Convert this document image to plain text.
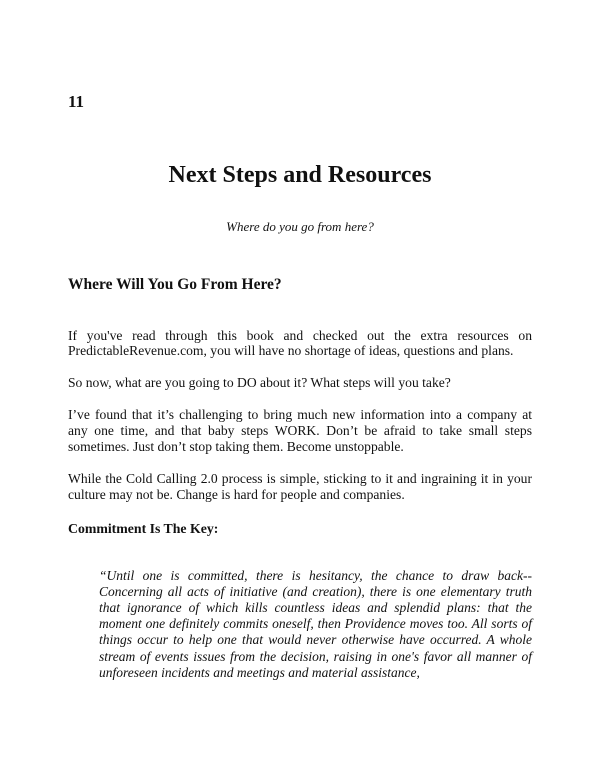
11
Next Steps and Resources
Where do you go from here?
Where Will You Go From Here?

If you've read through this book and checked out the extra resources on PredictableRevenue.com, you will have no shortage of ideas, questions and plans.

So now, what are you going to DO about it? What steps will you take?

I’ve found that it’s challenging to bring much new information into a company at any one time, and that baby steps WORK. Don’t be afraid to take small steps sometimes. Just don’t stop taking them. Become unstoppable.

While the Cold Calling 2.0 process is simple, sticking to it and ingraining it in your culture may not be. Change is hard for people and companies.

Commitment Is The Key:

“Until one is committed, there is hesitancy, the chance to draw back-- Concerning all acts of initiative (and creation), there is one elementary truth that ignorance of which kills countless ideas and splendid plans: that the moment one definitely commits oneself, then Providence moves too. All sorts of things occur to help one that would never otherwise have occurred. A whole stream of events issues from the decision, raising in one's favor all manner of unforeseen incidents and meetings and material assistance,
